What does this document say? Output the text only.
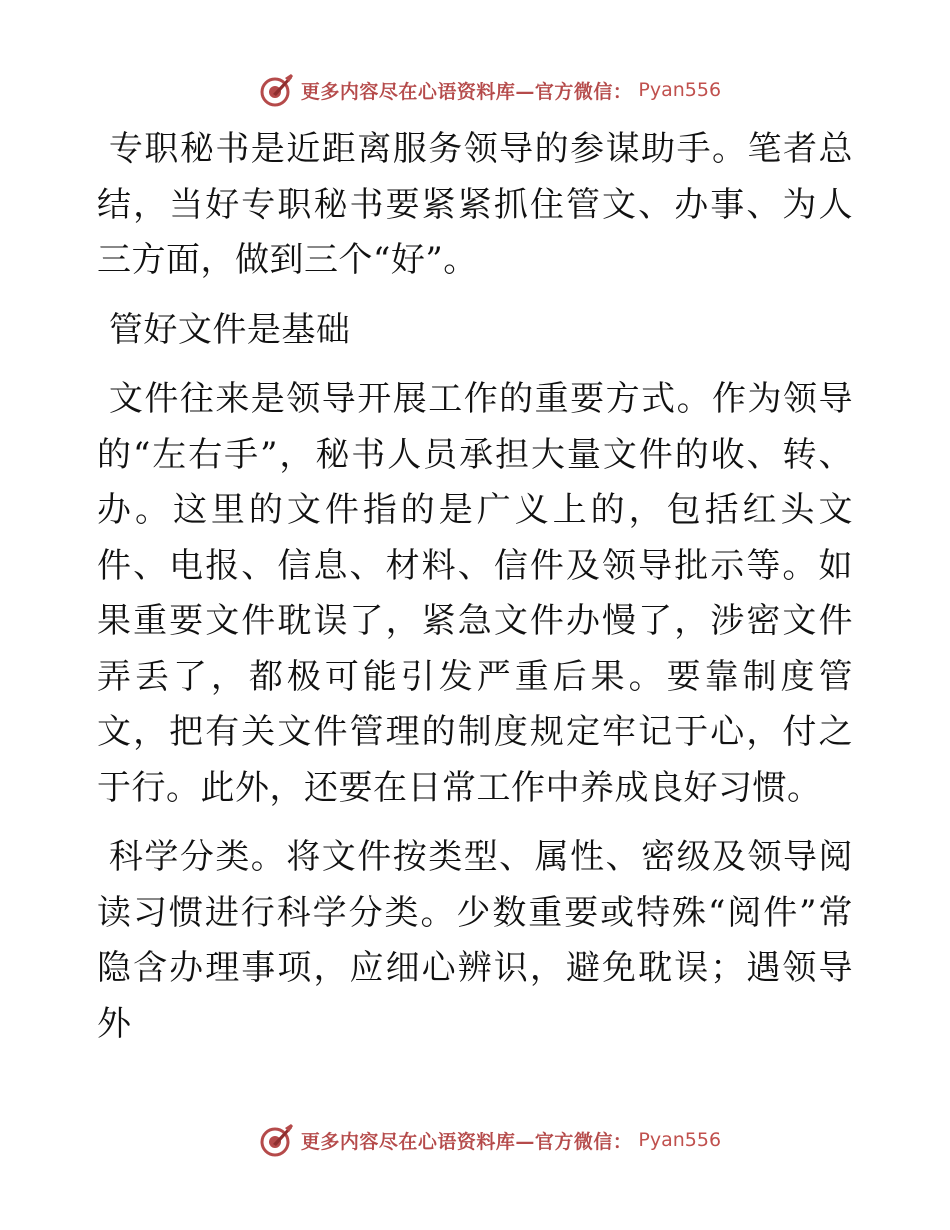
更多内容尽在心语资料库—官方微信： Pyan556

专职秘书是近距离服务领导的参谋助手。笔者总结，当好专职秘书要紧紧抓住管文、办事、为人三方面，做到三个“好”。

管好文件是基础

文件往来是领导开展工作的重要方式。作为领导的“左右手”，秘书人员承担大量文件的收、转、办。这里的文件指的是广义上的，包括红头文件、电报、信息、材料、信件及领导批示等。如果重要文件耽误了，紧急文件办慢了，涉密文件弄丢了，都极可能引发严重后果。要靠制度管文，把有关文件管理的制度规定牢记于心，付之于行。此外，还要在日常工作中养成良好习惯。

科学分类。将文件按类型、属性、密级及领导阅读习惯进行科学分类。少数重要或特殊“阅件”常隐含办理事项，应细心辨识，避免耽误；遇领导外

更多内容尽在心语资料库—官方微信： Pyan556
